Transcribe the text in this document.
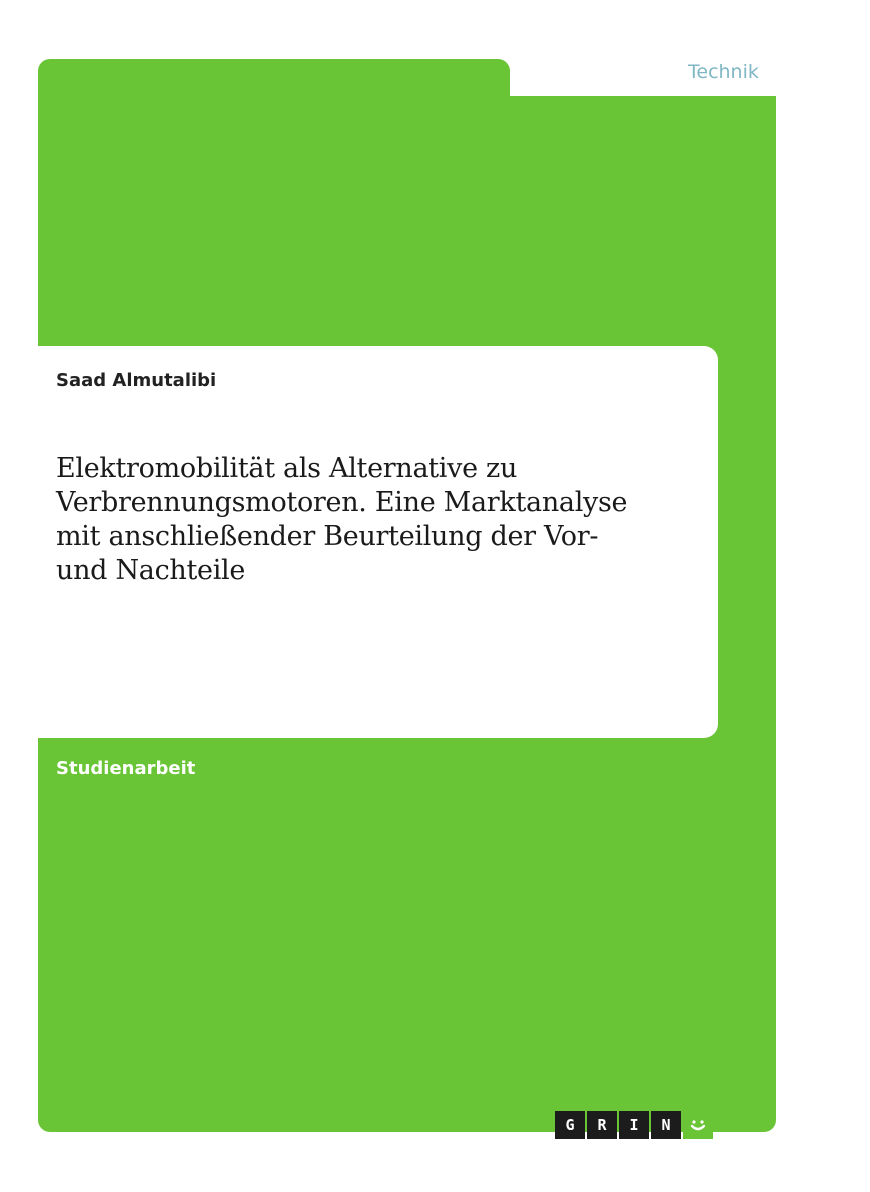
Technik
Saad Almutalibi
Elektromobilität als Alternative zu
Verbrennungsmotoren. Eine Marktanalyse
mit anschließender Beurteilung der Vor-
und Nachteile
Studienarbeit
G	R	I	N
